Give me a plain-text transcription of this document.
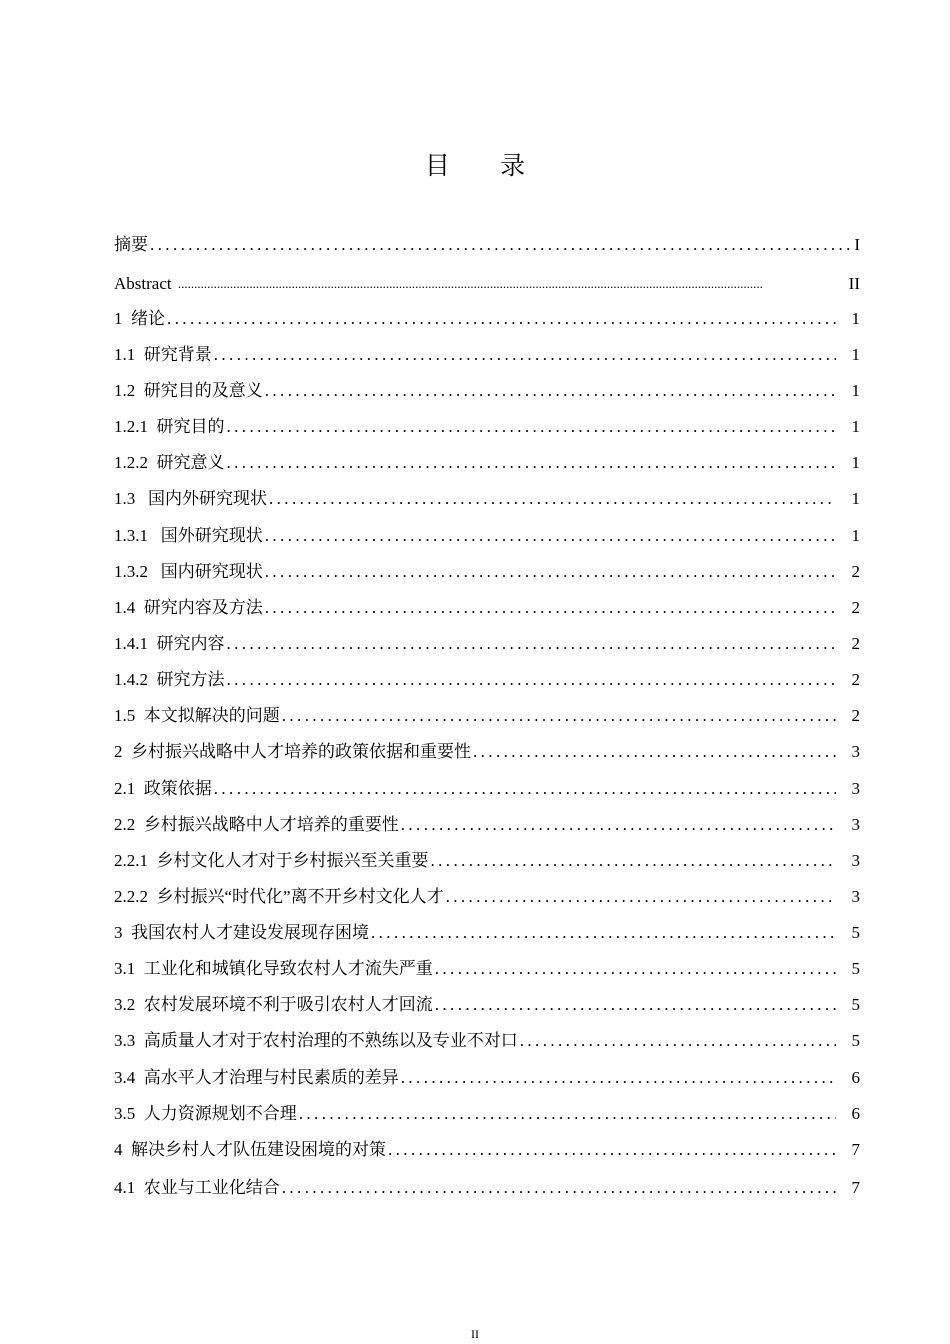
目 录
摘要 .....	I
Abstract .....	II
1  绪论 .....	1
1.1  研究背景 .....	1
1.2  研究目的及意义 .....	1
1.2.1  研究目的 .....	1
1.2.2  研究意义 .....	1
1.3   国内外研究现状 .....	1
1.3.1   国外研究现状 .....	1
1.3.2   国内研究现状 .....	2
1.4  研究内容及方法 .....	2
1.4.1  研究内容 .....	2
1.4.2  研究方法 .....	2
1.5  本文拟解决的问题 .....	2
2  乡村振兴战略中人才培养的政策依据和重要性 .....	3
2.1  政策依据 .....	3
2.2  乡村振兴战略中人才培养的重要性 .....	3
2.2.1  乡村文化人才对于乡村振兴至关重要 .....	3
2.2.2  乡村振兴“时代化”离不开乡村文化人才 .....	3
3  我国农村人才建设发展现存困境 .....	5
3.1  工业化和城镇化导致农村人才流失严重 .....	5
3.2  农村发展环境不利于吸引农村人才回流 .....	5
3.3  高质量人才对于农村治理的不熟练以及专业不对口 .....	5
3.4  高水平人才治理与村民素质的差异 .....	6
3.5  人力资源规划不合理 .....	6
4  解决乡村人才队伍建设困境的对策 .....	7
4.1  农业与工业化结合 .....	7
II
